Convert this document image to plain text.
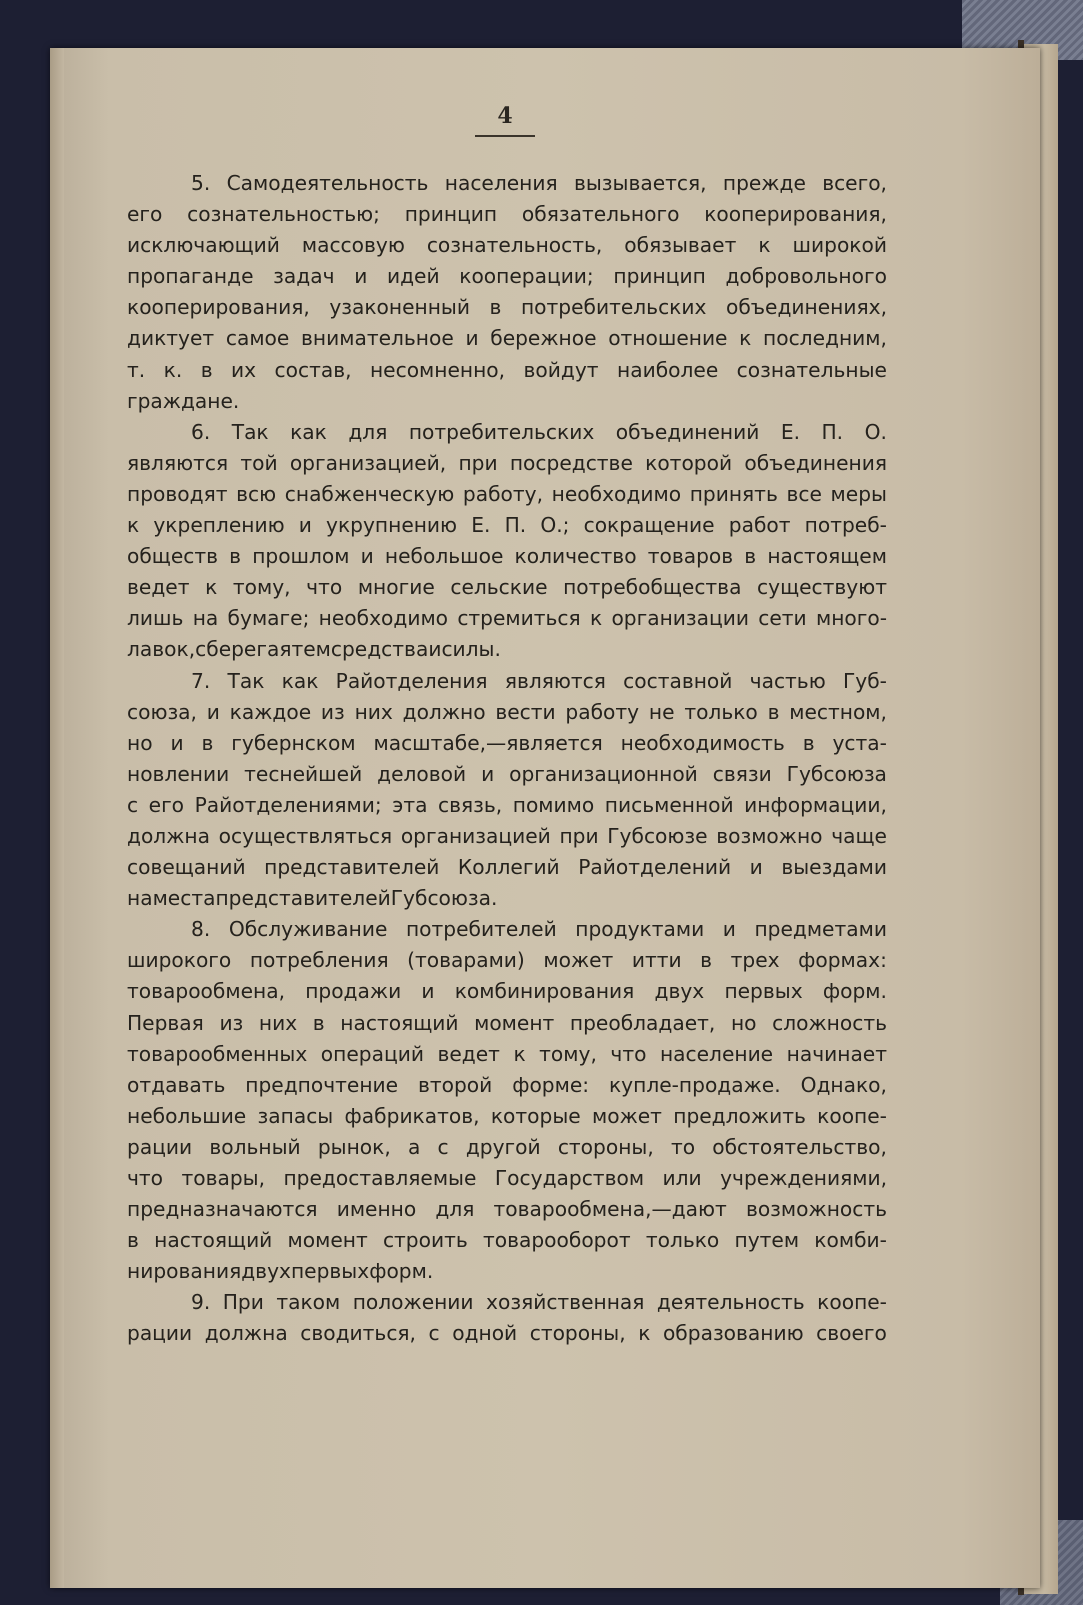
4
5. Самодеятельность населения вызывается, прежде всего,
его сознательностью; принцип обязательного кооперирования,
исключающий массовую сознательность, обязывает к широкой
пропаганде задач и идей кооперации; принцип добровольного
кооперирования, узаконенный в потребительских объединениях,
диктует самое внимательное и бережное отношение к последним,
т. к. в их состав, несомненно, войдут наиболее сознательные
граждане.
6. Так как для потребительских объединений Е. П. О.
являются той организацией, при посредстве которой объединения
проводят всю снабженческую работу, необходимо принять все меры
к укреплению и укрупнению Е. П. О.; сокращение работ потреб-
обществ в прошлом и небольшое количество товаров в настоящем
ведет к тому, что многие сельские потребобщества существуют
лишь на бумаге; необходимо стремиться к организации сети много-
лавок, сберегая тем средства и силы.
7. Так как Райотделения являются составной частью Губ-
союза, и каждое из них должно вести работу не только в местном,
но и в губернском масштабе,—является необходимость в уста-
новлении теснейшей деловой и организационной связи Губсоюза
с его Райотделениями; эта связь, помимо письменной информации,
должна осуществляться организацией при Губсоюзе возможно чаще
совещаний представителей Коллегий Райотделений и выездами
на места представителей Губсоюза.
8. Обслуживание потребителей продуктами и предметами
широкого потребления (товарами) может итти в трех формах:
товарообмена, продажи и комбинирования двух первых форм.
Первая из них в настоящий момент преобладает, но сложность
товарообменных операций ведет к тому, что население начинает
отдавать предпочтение второй форме: купле-продаже. Однако,
небольшие запасы фабрикатов, которые может предложить коопе-
рации вольный рынок, а с другой стороны, то обстоятельство,
что товары, предоставляемые Государством или учреждениями,
предназначаются именно для товарообмена,—дают возможность
в настоящий момент строить товарооборот только путем комби-
нирования двух первых форм.
9. При таком положении хозяйственная деятельность коопе-
рации должна сводиться, с одной стороны, к образованию своего
